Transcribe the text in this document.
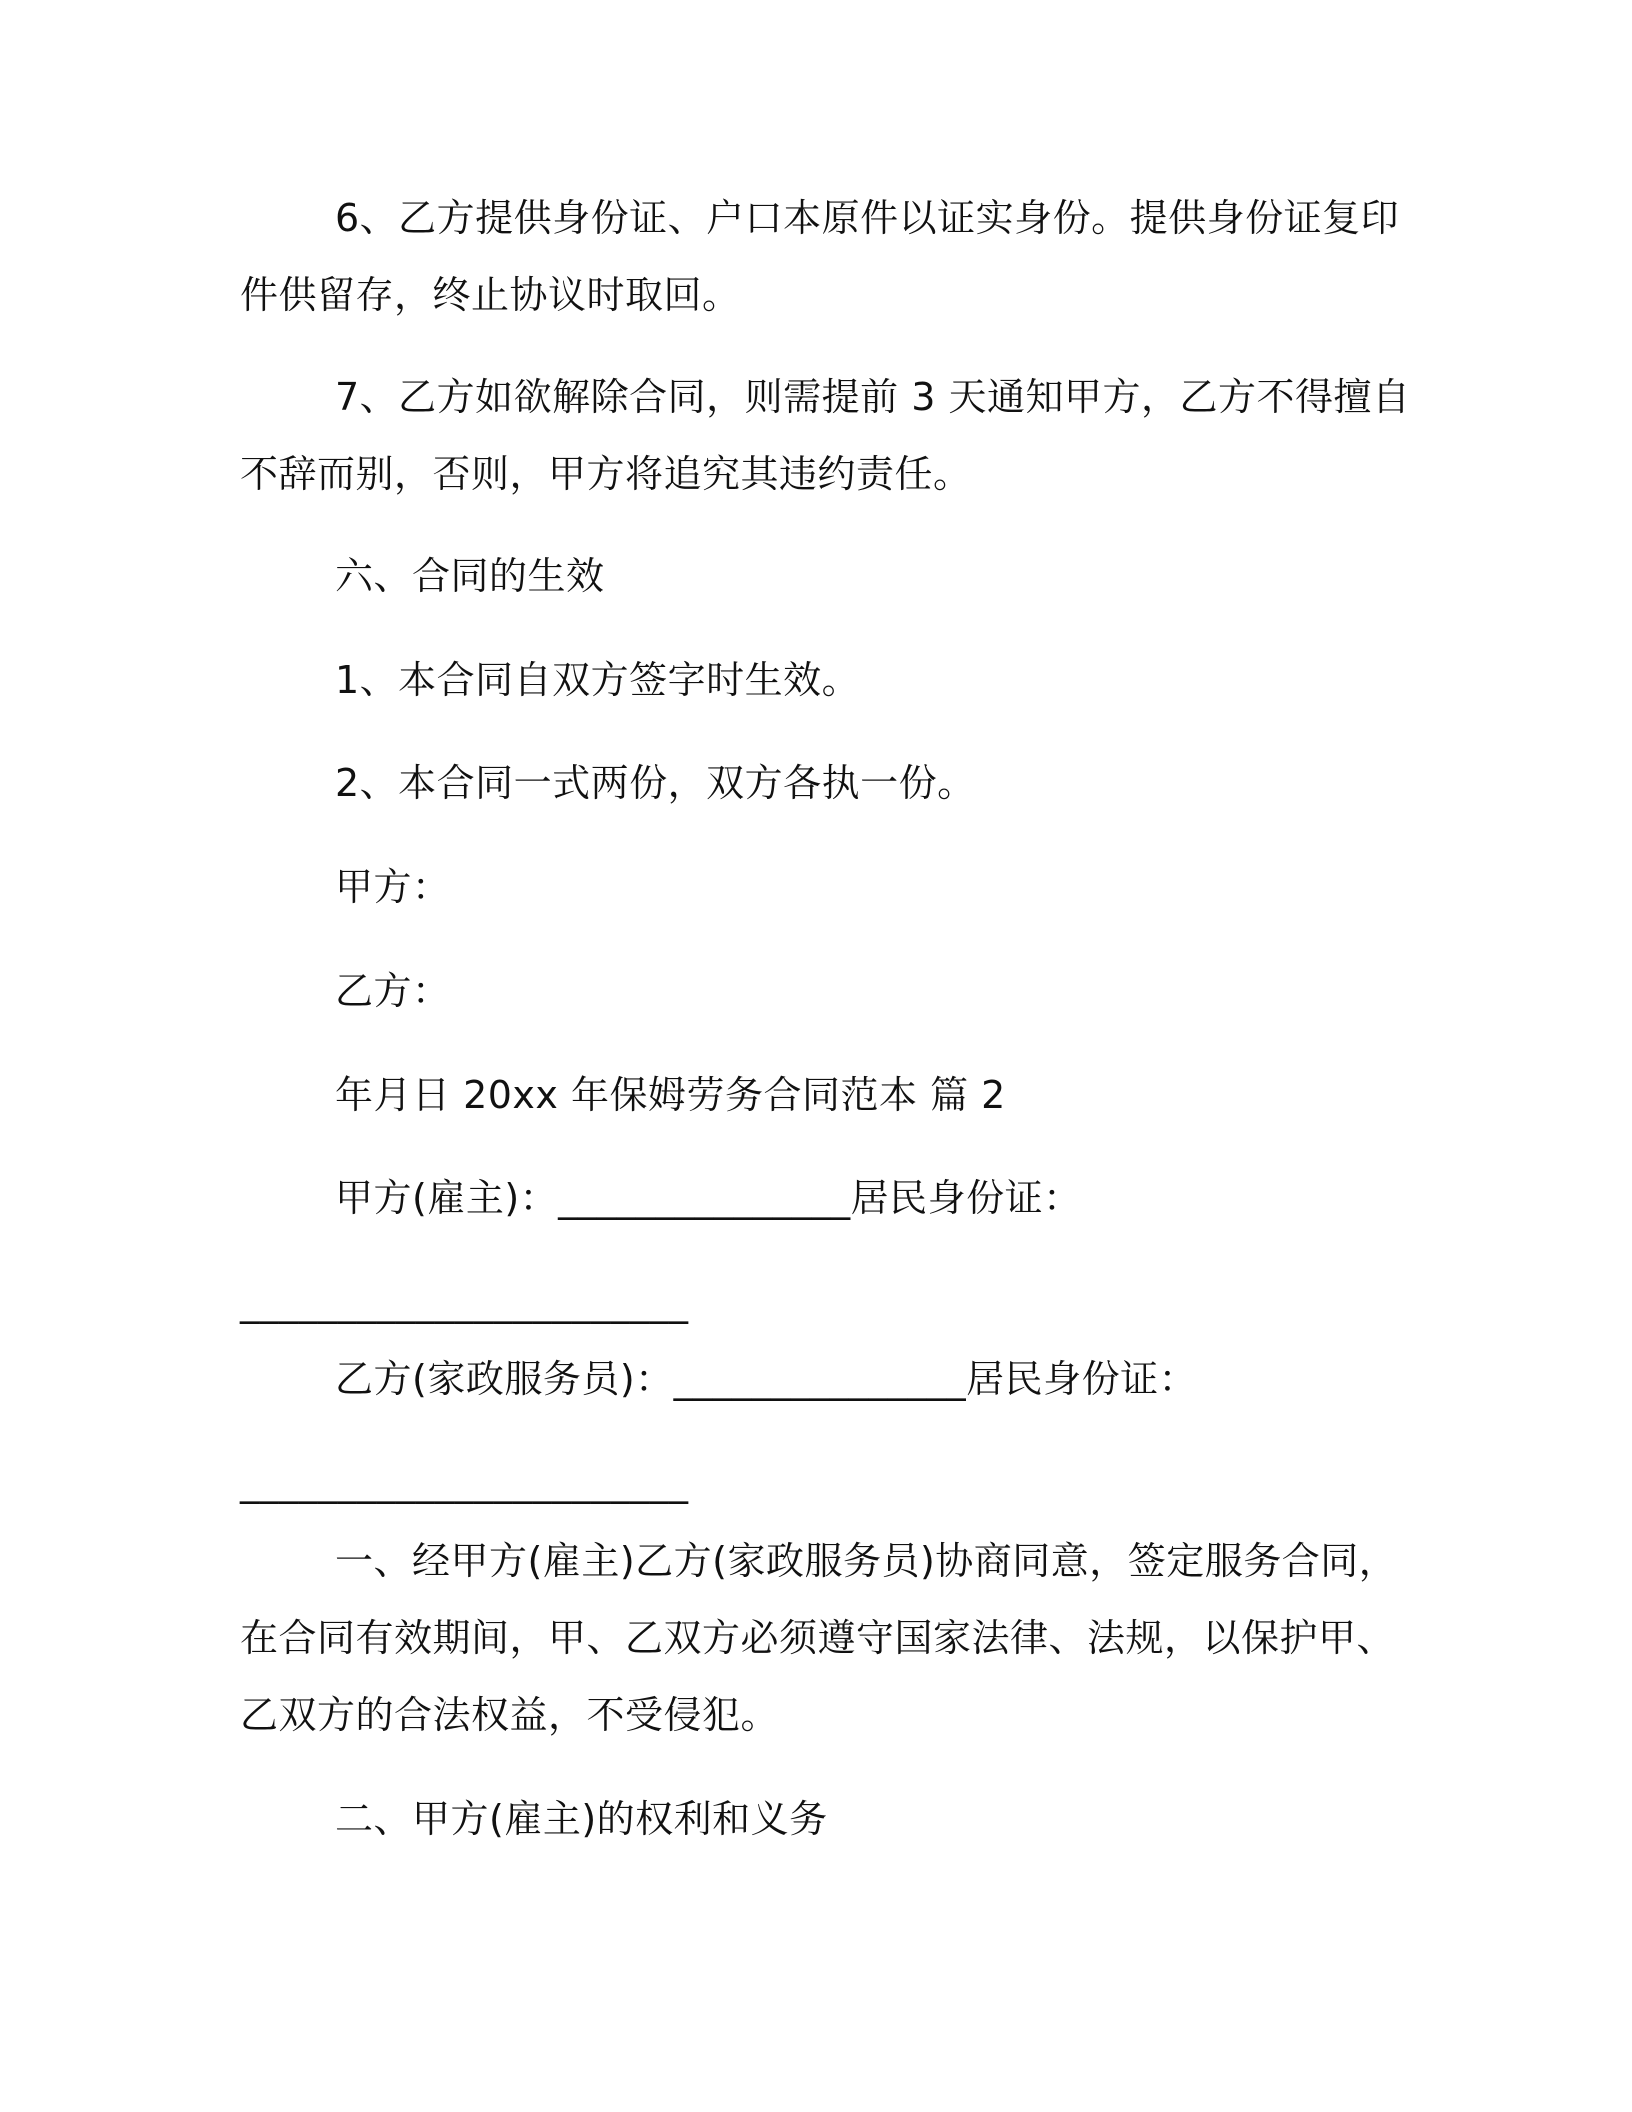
6、乙方提供身份证、户口本原件以证实身份。提供身份证复印
件供留存，终止协议时取回。
7、乙方如欲解除合同，则需提前 3 天通知甲方，乙方不得擅自
不辞而别，否则，甲方将追究其违约责任。
六、合同的生效
1、本合同自双方签字时生效。
2、本合同一式两份，双方各执一份。
甲方：
乙方：
年月日 20xx 年保姆劳务合同范本 篇 2
甲方(雇主)：_______________居民身份证：
_______________________
乙方(家政服务员)：_______________居民身份证：
_______________________
一、经甲方(雇主)乙方(家政服务员)协商同意，签定服务合同，
在合同有效期间，甲、乙双方必须遵守国家法律、法规，以保护甲、
乙双方的合法权益，不受侵犯。
二、甲方(雇主)的权利和义务
